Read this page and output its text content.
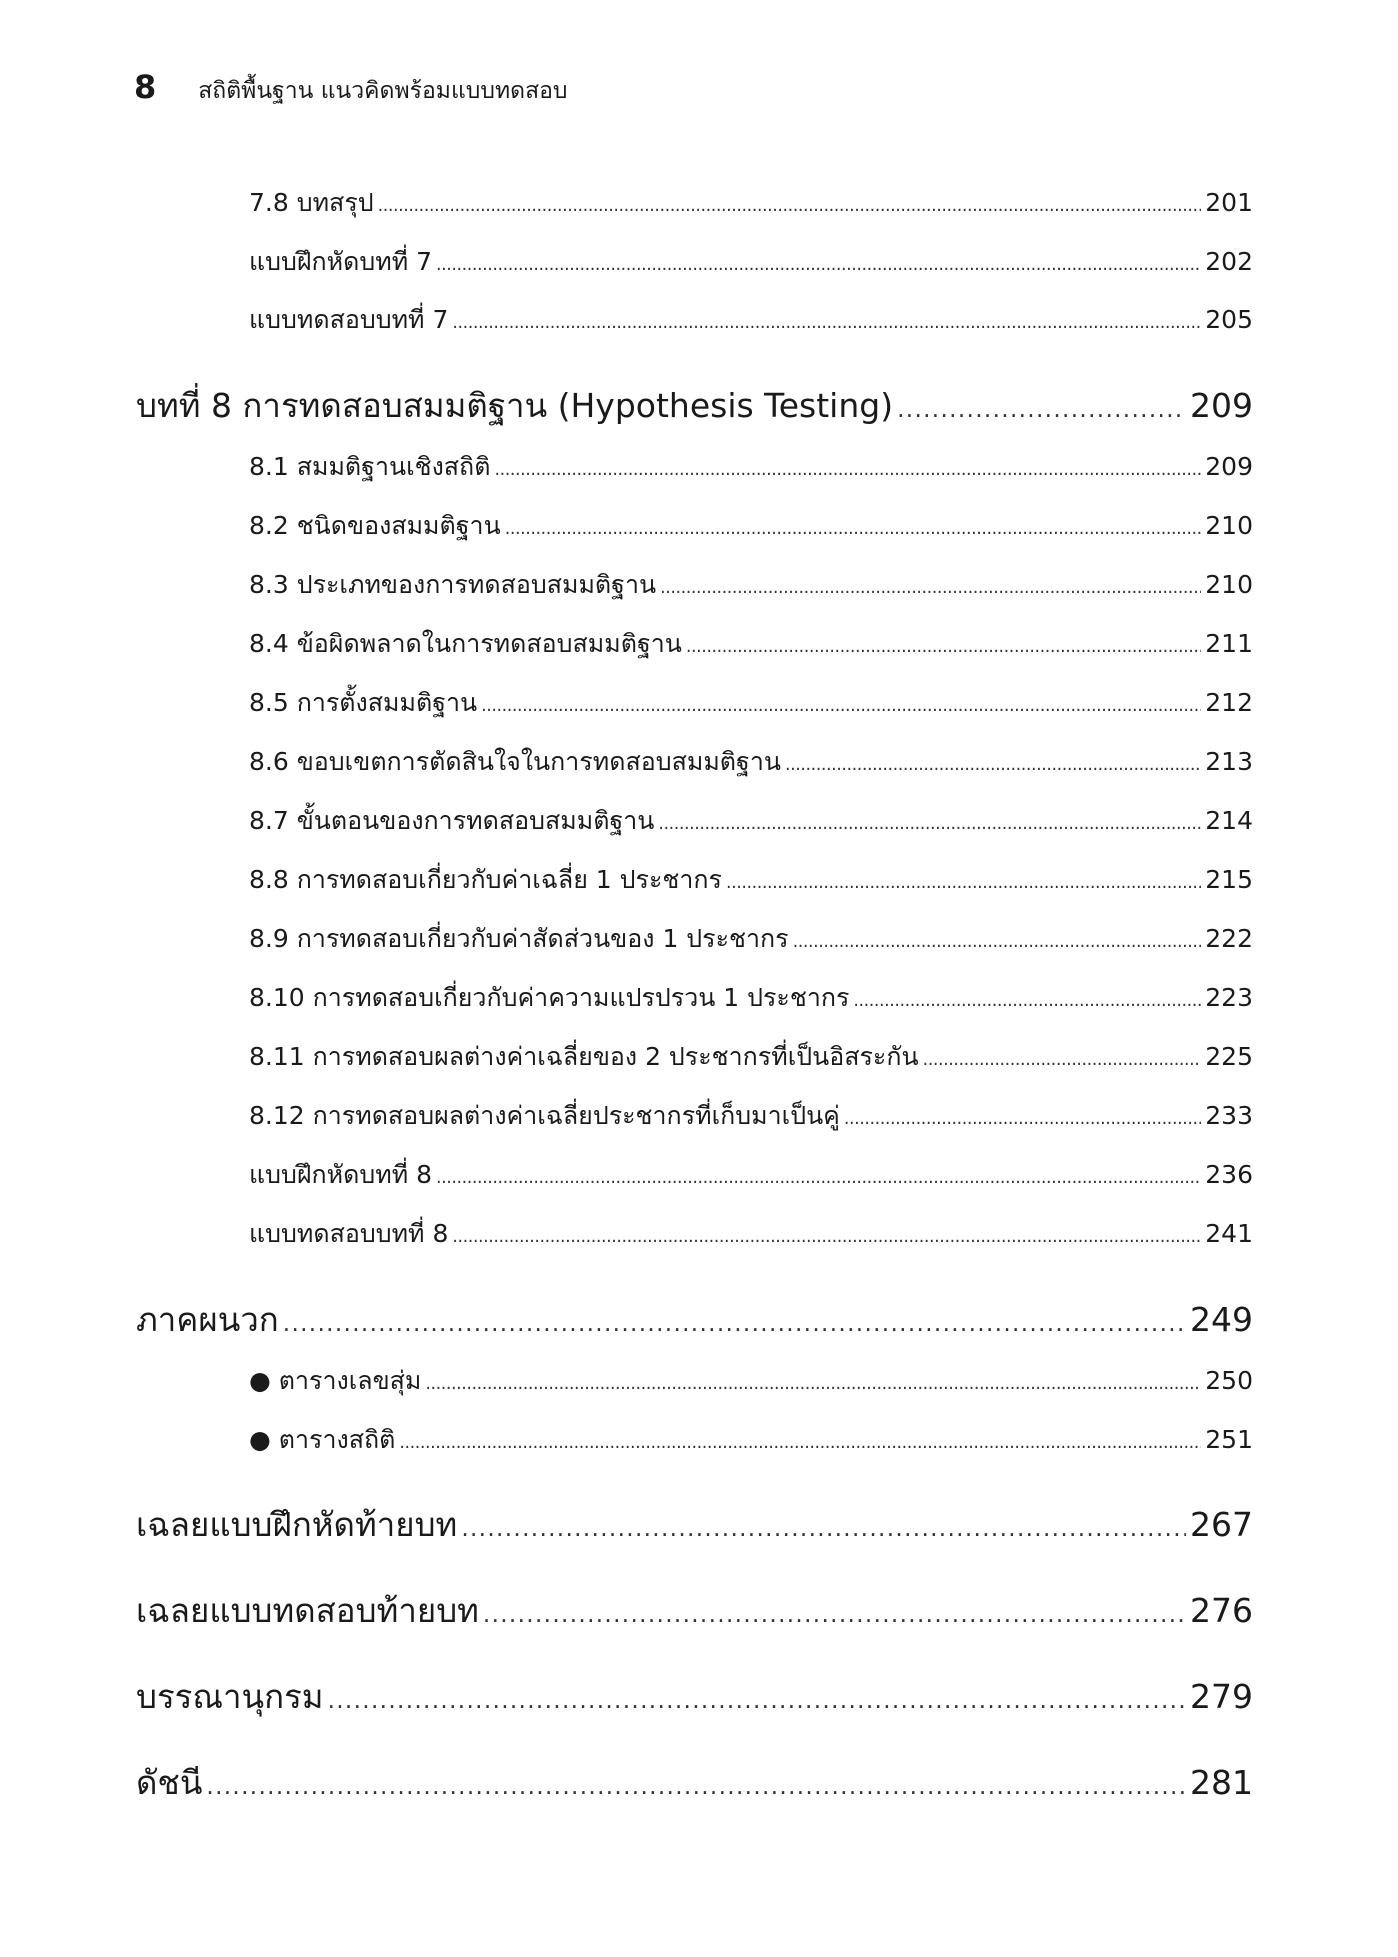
8 สถิติพื้นฐาน แนวคิดพร้อมแบบทดสอบ
7.8 บทสรุป . . .	201
แบบฝึกหัดบทที่ 7 . . .	202
แบบทดสอบบทที่ 7 . . .	205
บทที่ 8 การทดสอบสมมติฐาน (Hypothesis Testing) . . .	209
8.1 สมมติฐานเชิงสถิติ . . .	209
8.2 ชนิดของสมมติฐาน . . .	210
8.3 ประเภทของการทดสอบสมมติฐาน . . .	210
8.4 ข้อผิดพลาดในการทดสอบสมมติฐาน . . .	211
8.5 การตั้งสมมติฐาน . . .	212
8.6 ขอบเขตการตัดสินใจในการทดสอบสมมติฐาน . . .	213
8.7 ขั้นตอนของการทดสอบสมมติฐาน . . .	214
8.8 การทดสอบเกี่ยวกับค่าเฉลี่ย 1 ประชากร . . .	215
8.9 การทดสอบเกี่ยวกับค่าสัดส่วนของ 1 ประชากร . . .	222
8.10 การทดสอบเกี่ยวกับค่าความแปรปรวน 1 ประชากร . . .	223
8.11 การทดสอบผลต่างค่าเฉลี่ยของ 2 ประชากรที่เป็นอิสระกัน . . .	225
8.12 การทดสอบผลต่างค่าเฉลี่ยประชากรที่เก็บมาเป็นคู่ . . .	233
แบบฝึกหัดบทที่ 8 . . .	236
แบบทดสอบบทที่ 8 . . .	241
ภาคผนวก . . .	249
● ตารางเลขสุ่ม . . .	250
● ตารางสถิติ . . .	251
เฉลยแบบฝึกหัดท้ายบท . . .	267
เฉลยแบบทดสอบท้ายบท . . .	276
บรรณานุกรม . . .	279
ดัชนี . . .	281
